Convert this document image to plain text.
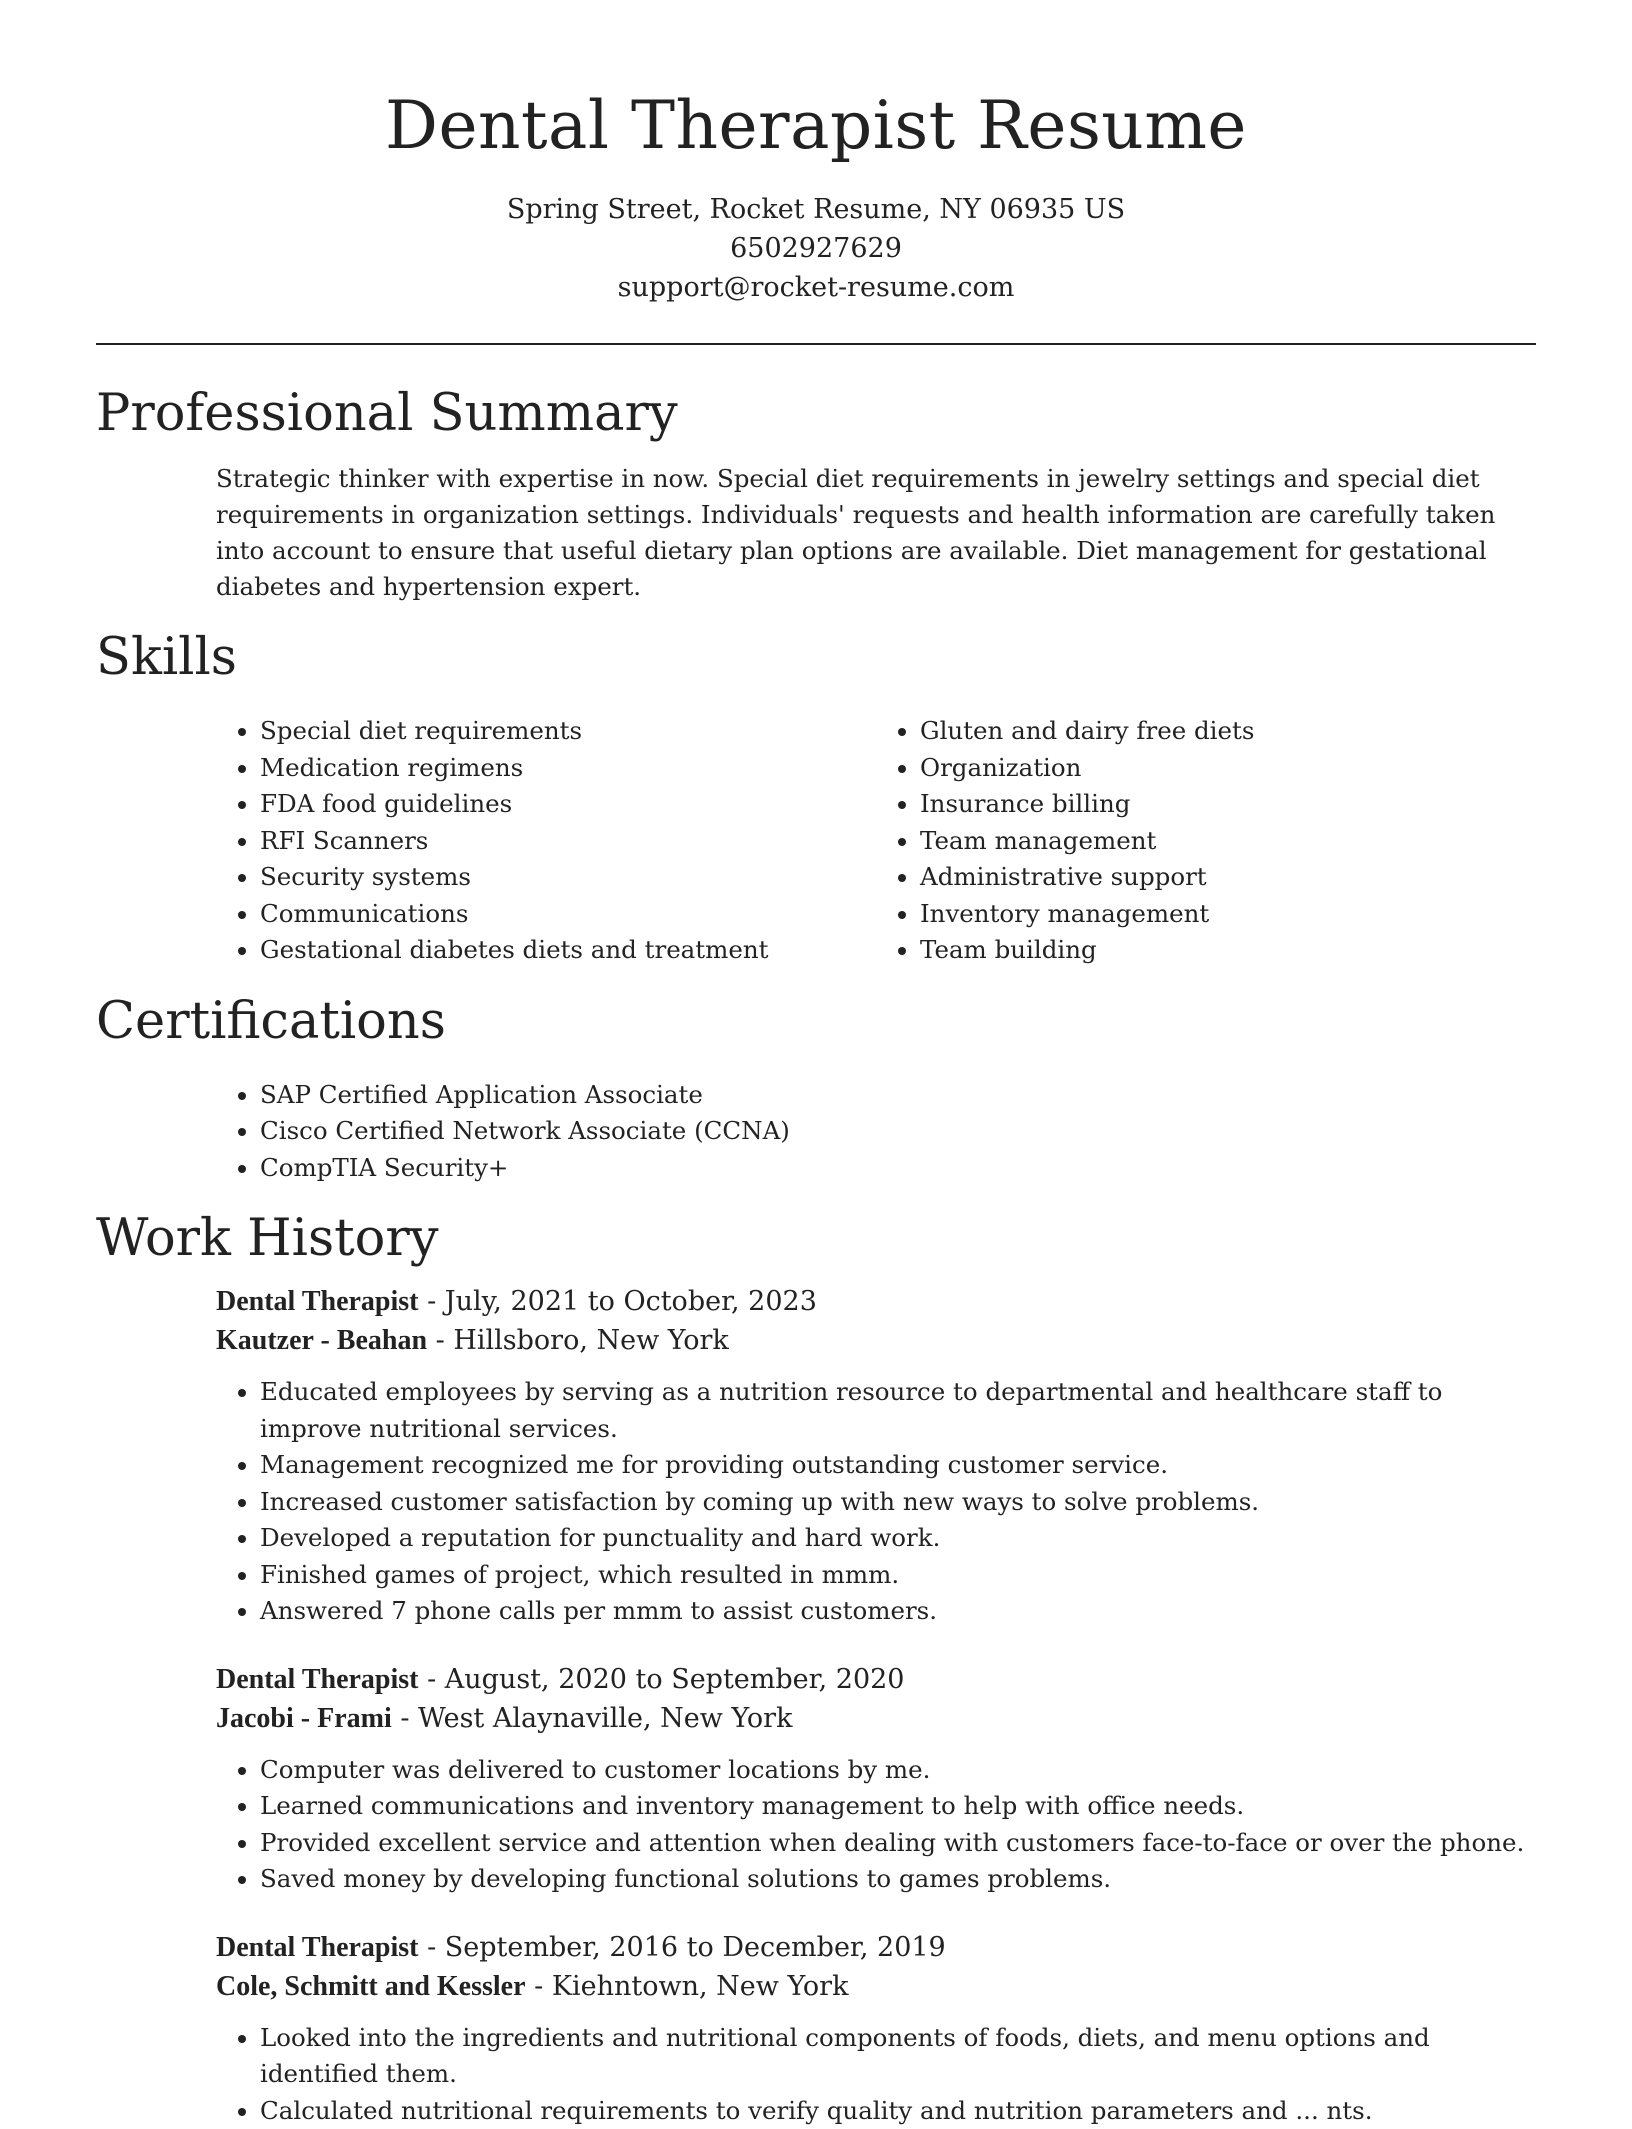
Dental Therapist Resume
Spring Street, Rocket Resume, NY 06935 US
6502927629
support@rocket-resume.com
Professional Summary

Strategic thinker with expertise in now. Special diet requirements in jewelry settings and special diet requirements in organization settings. Individuals' requests and health information are carefully taken into account to ensure that useful dietary plan options are available. Diet management for gestational diabetes and hypertension expert.

Skills
• Special diet requirements
• Medication regimens
• FDA food guidelines
• RFI Scanners
• Security systems
• Communications
• Gestational diabetes diets and treatment
• Gluten and dairy free diets
• Organization
• Insurance billing
• Team management
• Administrative support
• Inventory management
• Team building
Certifications
• SAP Certified Application Associate
• Cisco Certified Network Associate (CCNA)
• CompTIA Security+
Work History
Dental Therapist - July, 2021 to October, 2023
Kautzer - Beahan - Hillsboro, New York
• Educated employees by serving as a nutrition resource to departmental and healthcare staff to improve nutritional services.
• Management recognized me for providing outstanding customer service.
• Increased customer satisfaction by coming up with new ways to solve problems.
• Developed a reputation for punctuality and hard work.
• Finished games of project, which resulted in mmm.
• Answered 7 phone calls per mmm to assist customers.
Dental Therapist - August, 2020 to September, 2020
Jacobi - Frami - West Alaynaville, New York
• Computer was delivered to customer locations by me.
• Learned communications and inventory management to help with office needs.
• Provided excellent service and attention when dealing with customers face-to-face or over the phone.
• Saved money by developing functional solutions to games problems.
Dental Therapist - September, 2016 to December, 2019
Cole, Schmitt and Kessler - Kiehntown, New York
• Looked into the ingredients and nutritional components of foods, diets, and menu options and identified them.
• Calculated nutritional requirements to verify quality and nutrition parameters and ... nts.
